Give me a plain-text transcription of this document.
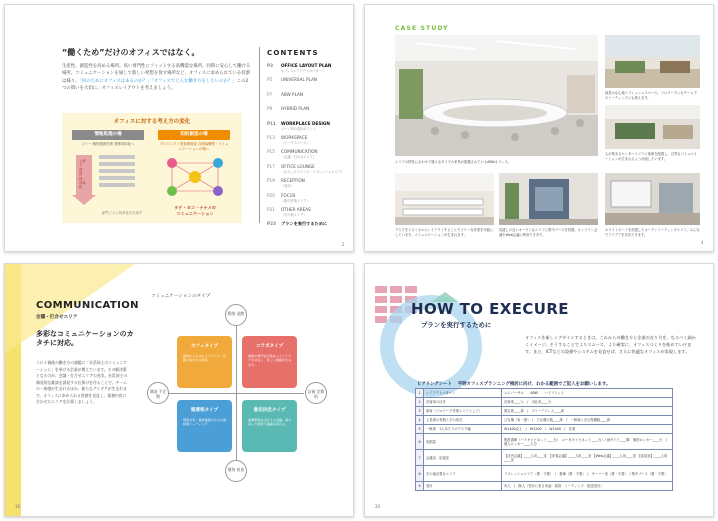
“働くため”だけのオフィスではなく。
生産性、創造性を高める場所。高い専門性にフィットする高機能な場所。同時に安心して働ける場所。コミュニケーションを通して新しい発想を促す場所など、オフィスに求められている役割は様々。「何のためにオフィスはあるのか？」「オフィスでどんな働き方をしたいのか？」この2つの問いを大切に、オフィスレイアウトを考えましょう。
オフィスに対する考え方の変化
情報処理の場	知的創造の場
フリー 個別業務作業 業務効率化へ	プロジェクト型業務増加 自律協働型・コミュニケーションの場へ
上意下達・管理・効率化
部門ごとに効率化を目指す
タテ・ヨコ・ナナメの
コミュニケーション
CONTENTS
P3 OFFICE LAYOUT PLAN
オフィスレイアウトのパターン
P5 UNIVERSAL PLAN
P7 ABW PLAN
P9 HYBRID PLAN
P11 WORKPLACE DESIGN
ゾーン別の設計ポイント
P13 WORKSPACE
（ワークスペース）
P15 COMMUNICATION
（会議・打合せエリア）
P17 OFFICE LOUNGE
（オフィスラウンジ・リフレッシュエリア）
P19 RECEPTION
（受付）
P20 FOCUS
（集中作業エリア）
P21 OTHER AREAS
（その他エリア）
P23 プランを実行するために
2
CASE STUDY
エリアの特性に合わせて様々なタイプの家具が配置されているABWオフィス。
緑豊かな心地リフレッシュスペース。ソロワークにもチームでのミーティングにも使えます。
人が集まるセンターエリアに座席を配置し、自然なコミュニケーションが生まれるよう計画しています。
デスクをリズミカルにレイアウトすることでフリーな作業を可能にしています。コミュニケーションが生まれます。
見渡しの良いオープンなエリアに集中ブースを設置。オンライン会議やWeb会議に利用できます。
ホワイトボードを設置したオープンミーティングエリア。みんなでアイデアを共有できます。
4
COMMUNICATION
会議・打合せエリア
多彩なコミュニケーションのカタチに対応。
コロナ禍後の働き方の課題に「社員同士のコミュニケーション」を挙げる企業が増えています。その解決策となるのが、会議・打合せエリアの充実。社員同士の偶発的な雑談を誘発する仕掛けを作ることで、チームの一体感が生まれるほか、新たなアイデアが生まれます。オフィスに求められる役割を見直し、業務内容に合わせたエリアを計画しましょう。
コミュニケーションのタイプ
動的 発散
静的 収束
偶発 不定期
計画 定期的
カフェタイプ
雑談から生まれるアイデア。気軽に集まれる場所。
コラボタイプ
複数の専門家が集まってアイデアを共有し、新しい価値を生み出す。
報連相タイプ
情報共有・進捗確認のための短時間ミーティング。
意志決定タイプ
重要事項を決定する会議。落ち着いた環境で議論を深める。
16
HOW TO EXECURE
プランを実行するために
オフィスを新しくデザインするときは、これからの働き方と企業の在り方を、なるべく細かくイメージ。そうすることでよりスムーズ、より確実に、オフィスづくりを進めていけます。また、ICTなどの設備やシステムを見直せば、さらに快適なオフィスが実現します。
ヒアリングシート　 平時オフィスプランニング検討に向け、わかる範囲でご記入をお願いします。
1	レイアウトパターン	ユニバーサル　　ABW　　ハイブリッド
2	在席率の目安	在席率____％　/　出社率____％
3	座席（ソロワーク作業エリアとして）	固定席____席　/　フリーアドレス____席
4	上長席の有無とその形式	ひな壇（有・無）　/　ひな壇の数____席　/　一般席に含む役職数____席
5	一般席　1人あたりのデスク幅	W1400以上　/　W1200　/　W1000　/　任意
6	収納量	既設書庫（ハイキャビネット____台）　ロータキャビネット____台）/ 両サイド____脚　個別ロッカー____台　/　個人ロッカー____人分
7	会議室、応接室	【社内会議】____人用____室　【来客会議】____人用____室 【Web会議】____人用____室　【応接室】____人用____室
8	その他必要なエリア	リフレッシュエリア（要・不要）　/　書庫（要・不要）　/　サーバー室（要・不要）　/ 集中ブース（要・不要）
9	受付	有人　/　無人（受付に来る用途：面談・ミーティング・配送受付）
20
